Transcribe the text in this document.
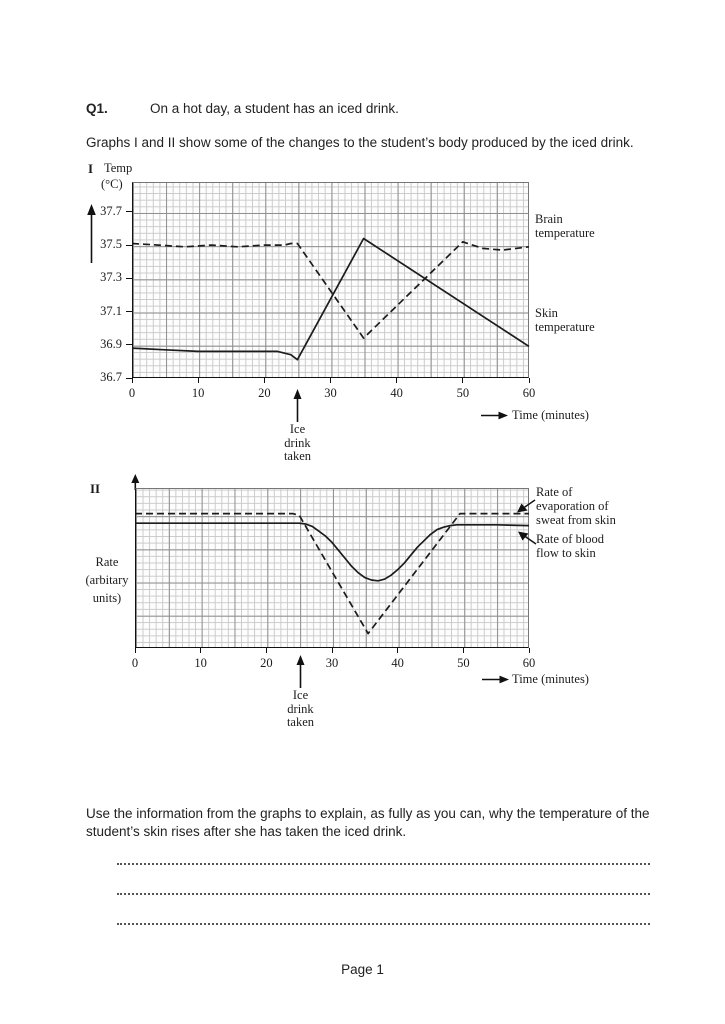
Q1.	On a hot day, a student has an iced drink.
Graphs I and II show some of the changes to the student’s body produced by the iced drink.
I Temp
(°C)
Brain
temperature
Skin
temperature
Ice
drink
taken
Time (minutes)
II
Rate
(arbitary
units)
Rate of
evaporation of
sweat from skin
Rate of blood
flow to skin
Ice
drink
taken
Time (minutes)
Use the information from the graphs to explain, as fully as you can, why the temperature of the
student’s skin rises after she has taken the iced drink.
Page 1
0	10	20	30	40	50	60
37.7
37.5
37.3
37.1
36.9
36.7
0	10	20	30	40	50	60
